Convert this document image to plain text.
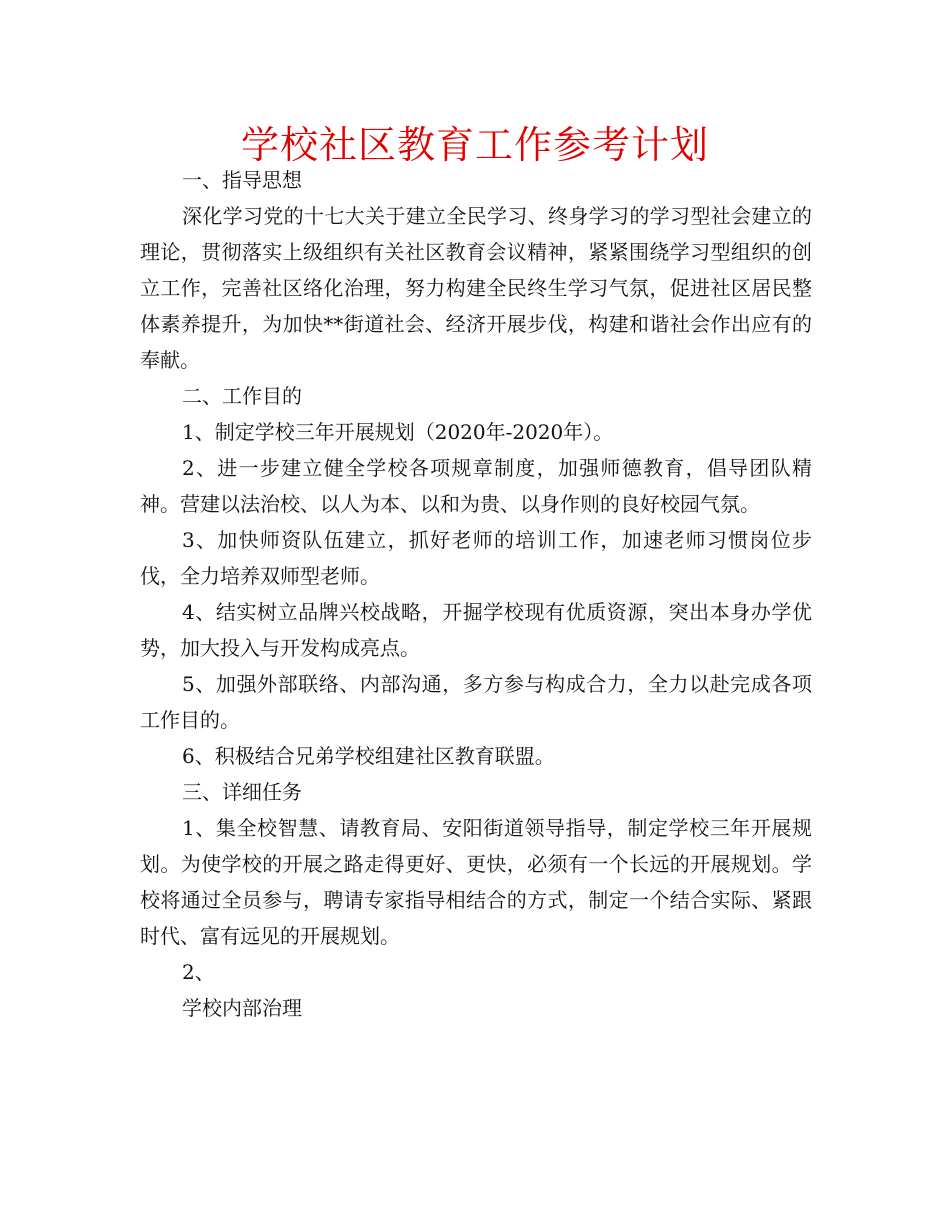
学校社区教育工作参考计划

一、指导思想

深化学习党的十七大关于建立全民学习、终身学习的学习型社会建立的理论，贯彻落实上级组织有关社区教育会议精神，紧紧围绕学习型组织的创立工作，完善社区络化治理，努力构建全民终生学习气氛，促进社区居民整体素养提升，为加快**街道社会、经济开展步伐，构建和谐社会作出应有的奉献。

二、工作目的

1、制定学校三年开展规划（2020年-2020年）。

2、进一步建立健全学校各项规章制度，加强师德教育，倡导团队精神。营建以法治校、以人为本、以和为贵、以身作则的良好校园气氛。

3、加快师资队伍建立，抓好老师的培训工作，加速老师习惯岗位步伐，全力培养双师型老师。

4、结实树立品牌兴校战略，开掘学校现有优质资源，突出本身办学优势，加大投入与开发构成亮点。

5、加强外部联络、内部沟通，多方参与构成合力，全力以赴完成各项工作目的。

6、积极结合兄弟学校组建社区教育联盟。

三、详细任务

1、集全校智慧、请教育局、安阳街道领导指导，制定学校三年开展规划。为使学校的开展之路走得更好、更快，必须有一个长远的开展规划。学校将通过全员参与，聘请专家指导相结合的方式，制定一个结合实际、紧跟时代、富有远见的开展规划。

2、

学校内部治理
